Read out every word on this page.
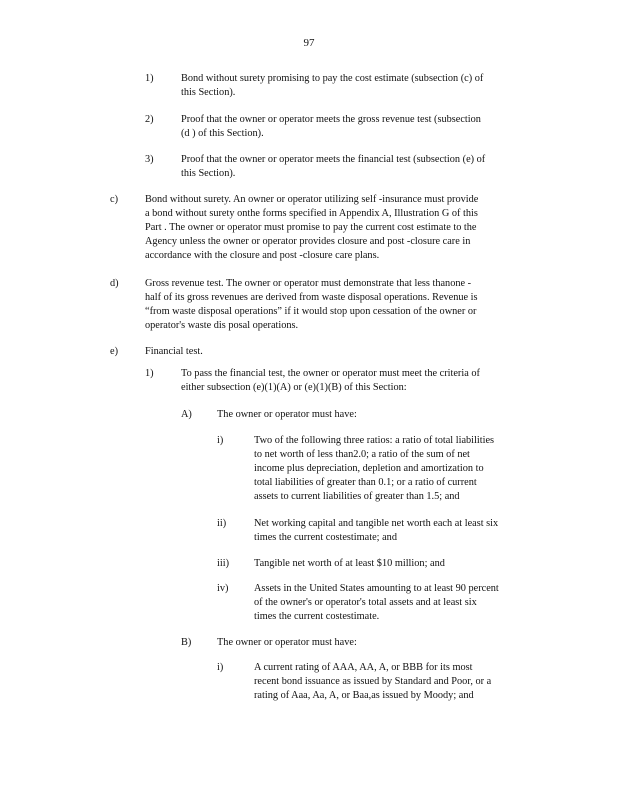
97
1)	Bond without surety promising to pay the cost estimate (subsection (c) of
this Section).
2)	Proof that the owner or operator meets the gross revenue test (subsection
(d ) of this Section).
3)	Proof that the owner or operator meets the financial test (subsection (e) of
this Section).
c)	Bond without surety. An owner or operator utilizing self -insurance must provide
a bond without surety onthe forms specified in Appendix A, Illustration G of this
Part . The owner or operator must promise to pay the current cost estimate to the
Agency unless the owner or operator provides closure and post -closure care in
accordance with the closure and post -closure care plans.
d)	Gross revenue test. The owner or operator must demonstrate that less thanone -
half of its gross revenues are derived from waste disposal operations. Revenue is
“from waste disposal operations” if it would stop upon cessation of the owner or
operator's waste dis posal operations.
e)	Financial test.
1)	To pass the financial test, the owner or operator must meet the criteria of
either subsection (e)(1)(A) or (e)(1)(B) of this Section:
A) The owner or operator must have:
i)	Two of the following three ratios: a ratio of total liabilities
to net worth of less than2.0; a ratio of the sum of net
income plus depreciation, depletion and amortization to
total liabilities of greater than 0.1; or a ratio of current
assets to current liabilities of greater than 1.5; and
ii)	Net working capital and tangible net worth each at least six
times the current costestimate; and
iii) Tangible net worth of at least $10 million; and
iv) Assets in the United States amounting to at least 90 percent
of the owner's or operator's total assets and at least six
times the current costestimate.
B) The owner or operator must have:
i)	A current rating of AAA, AA, A, or BBB for its most
recent bond issuance as issued by Standard and Poor, or a
rating of Aaa, Aa, A, or Baa,as issued by Moody; and
